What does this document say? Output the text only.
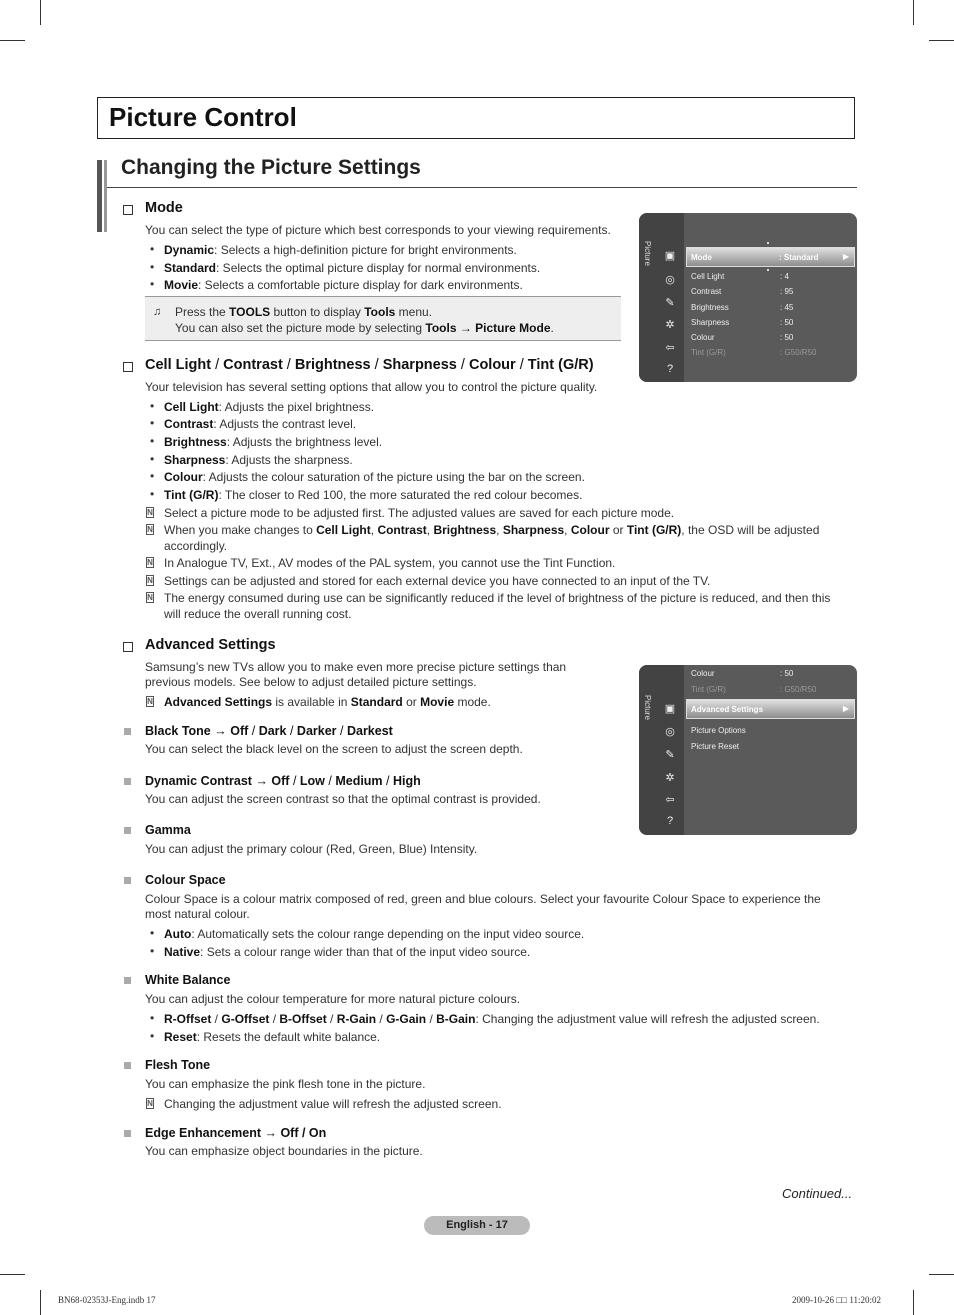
Picture Control
Changing the Picture Settings
Mode
You can select the type of picture which best corresponds to your viewing requirements.
• Dynamic: Selects a high-definition picture for bright environments.
• Standard: Selects the optimal picture display for normal environments.
• Movie: Selects a comfortable picture display for dark environments.
♫ Press the TOOLS button to display Tools menu.
You can also set the picture mode by selecting Tools → Picture Mode.
Picture ▣
◎
✎
✲
⇦
?
Mode	: Standard	▶
Cell Light	: 4
Contrast	: 95
Brightness	: 45
Sharpness	: 50
Colour	: 50
Tint (G/R)	: G50/R50
Cell Light / Contrast / Brightness / Sharpness / Colour / Tint (G/R)
Your television has several setting options that allow you to control the picture quality.
• Cell Light: Adjusts the pixel brightness.
• Contrast: Adjusts the contrast level.
• Brightness: Adjusts the brightness level.
• Sharpness: Adjusts the sharpness.
• Colour: Adjusts the colour saturation of the picture using the bar on the screen.
• Tint (G/R): The closer to Red 100, the more saturated the red colour becomes.
N Select a picture mode to be adjusted first. The adjusted values are saved for each picture mode.
N When you make changes to Cell Light, Contrast, Brightness, Sharpness, Colour or Tint (G/R), the OSD will be adjusted
accordingly.
N In Analogue TV, Ext., AV modes of the PAL system, you cannot use the Tint Function.
N Settings can be adjusted and stored for each external device you have connected to an input of the TV.
N The energy consumed during use can be significantly reduced if the level of brightness of the picture is reduced, and then this
will reduce the overall running cost.
Advanced Settings
Samsung’s new TVs allow you to make even more precise picture settings than
previous models. See below to adjust detailed picture settings.
N Advanced Settings is available in Standard or Movie mode.	Picture ▣
◎
✎
✲
⇦
?
Colour	: 50
Tint (G/R)	: G50/R50
Advanced Settings	▶
Picture Options
Picture Reset
Black Tone → Off / Dark / Darker / Darkest
You can select the black level on the screen to adjust the screen depth.
Dynamic Contrast → Off / Low / Medium / High
You can adjust the screen contrast so that the optimal contrast is provided.
Gamma
You can adjust the primary colour (Red, Green, Blue) Intensity.
Colour Space
Colour Space is a colour matrix composed of red, green and blue colours. Select your favourite Colour Space to experience the
most natural colour.
• Auto: Automatically sets the colour range depending on the input video source.
• Native: Sets a colour range wider than that of the input video source.
White Balance
You can adjust the colour temperature for more natural picture colours.
• R-Offset / G-Offset / B-Offset / R-Gain / G-Gain / B-Gain: Changing the adjustment value will refresh the adjusted screen.
• Reset: Resets the default white balance.
Flesh Tone
You can emphasize the pink flesh tone in the picture.
N Changing the adjustment value will refresh the adjusted screen.
Edge Enhancement → Off / On
You can emphasize object boundaries in the picture.
Continued...
English - 17
BN68-02353J-Eng.indb 17	2009-10-26 □□ 11:20:02
